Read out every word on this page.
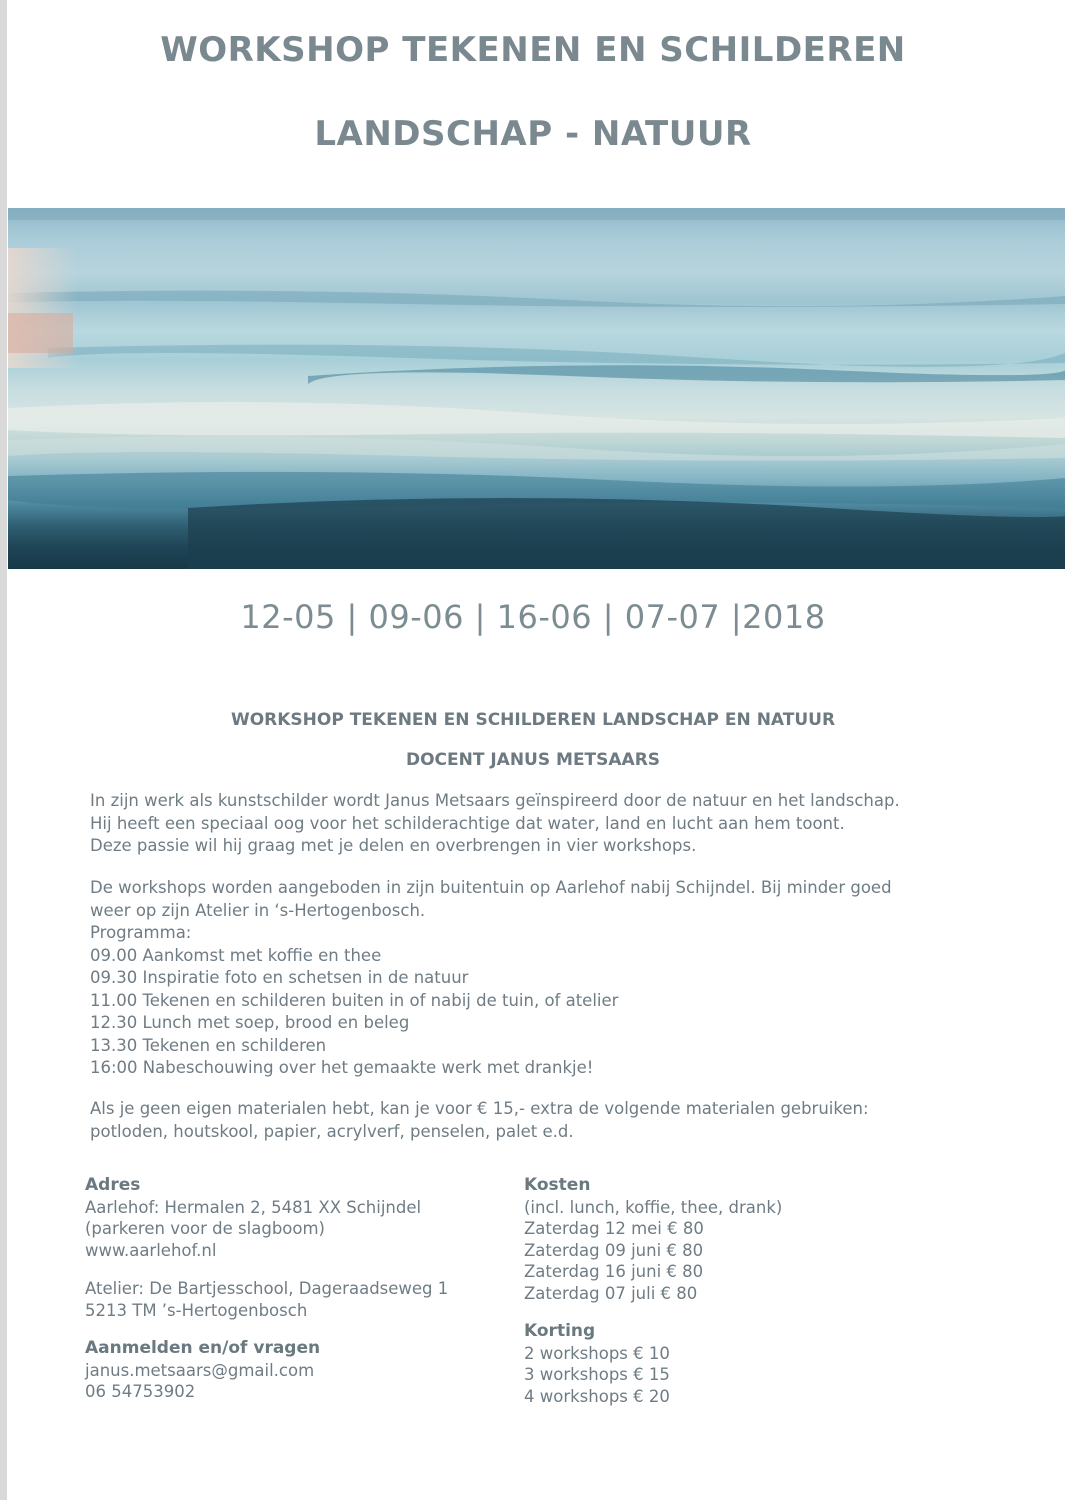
WORKSHOP TEKENEN EN SCHILDEREN
LANDSCHAP - NATUUR
12-05 | 09-06 | 16-06 | 07-07 |2018
WORKSHOP TEKENEN EN SCHILDEREN LANDSCHAP EN NATUUR
DOCENT JANUS METSAARS
In zijn werk als kunstschilder wordt Janus Metsaars geïnspireerd door de natuur en het landschap.
Hij heeft een speciaal oog voor het schilderachtige dat water, land en lucht aan hem toont.
Deze passie wil hij graag met je delen en overbrengen in vier workshops.
De workshops worden aangeboden in zijn buitentuin op Aarlehof nabij Schijndel. Bij minder goed
weer op zijn Atelier in ‘s-Hertogenbosch.
Programma:
09.00 Aankomst met koffie en thee
09.30 Inspiratie foto en schetsen in de natuur
11.00 Tekenen en schilderen buiten in of nabij de tuin, of atelier
12.30 Lunch met soep, brood en beleg
13.30 Tekenen en schilderen
16:00 Nabeschouwing over het gemaakte werk met drankje!
Als je geen eigen materialen hebt, kan je voor € 15,- extra de volgende materialen gebruiken:
potloden, houtskool, papier, acrylverf, penselen, palet e.d.
Adres
Aarlehof: Hermalen 2, 5481 XX Schijndel
(parkeren voor de slagboom)
www.aarlehof.nl
Atelier: De Bartjesschool, Dageraadseweg 1
5213 TM ’s-Hertogenbosch
Aanmelden en/of vragen
janus.metsaars@gmail.com
06 54753902
Kosten
(incl. lunch, koffie, thee, drank)
Zaterdag 12 mei € 80
Zaterdag 09 juni € 80
Zaterdag 16 juni € 80
Zaterdag 07 juli € 80
Korting
2 workshops € 10
3 workshops € 15
4 workshops € 20
